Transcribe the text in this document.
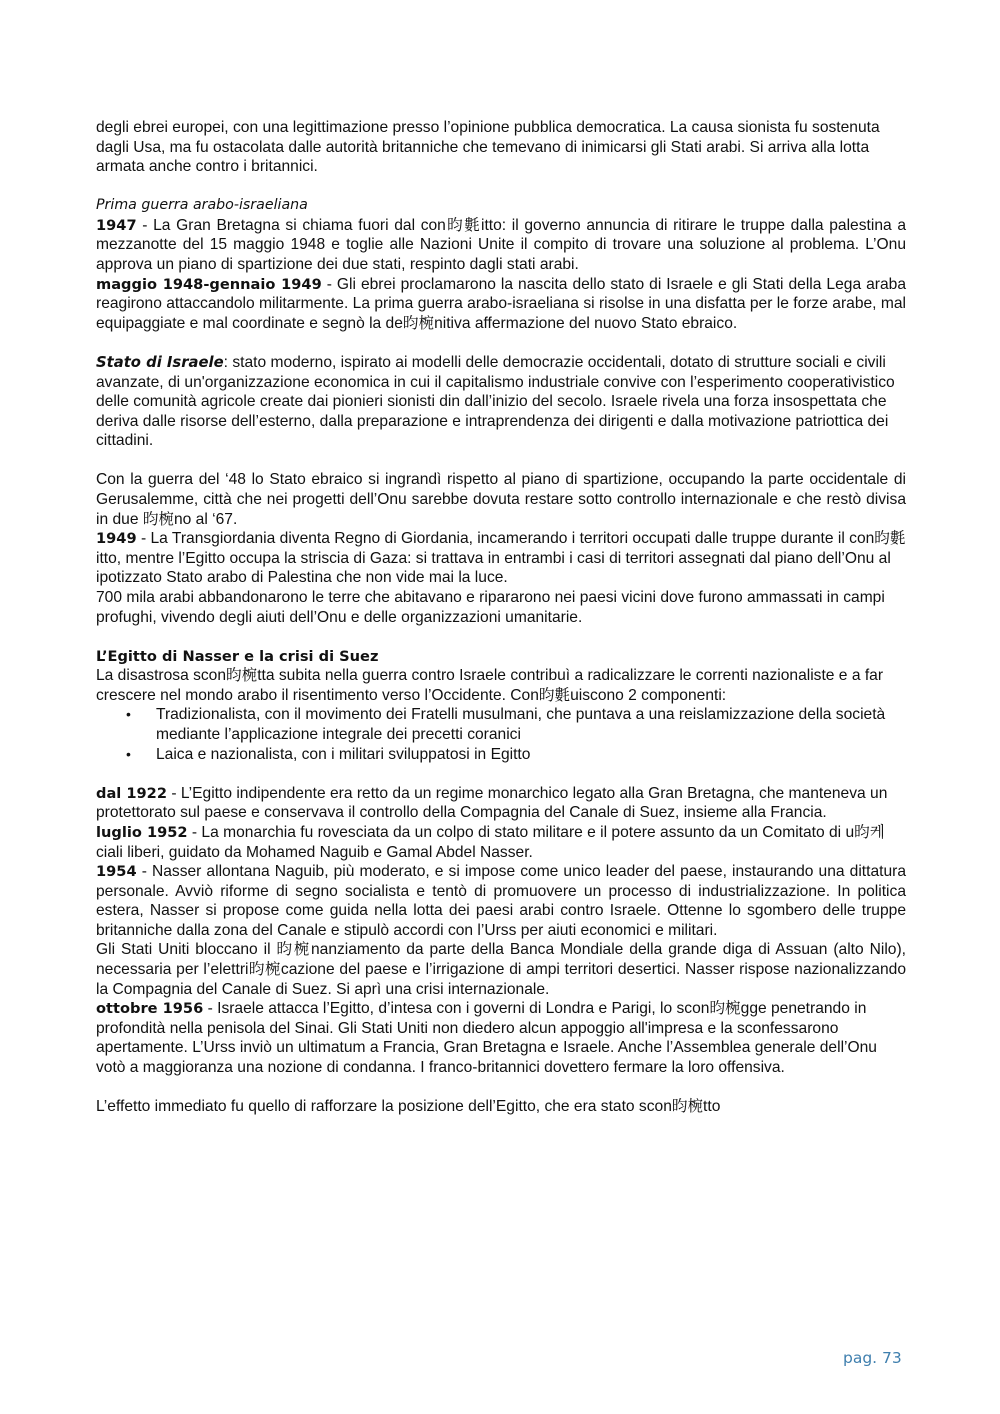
degli ebrei europei, con una legittimazione presso l’opinione pubblica democratica. La causa sionista fu sostenuta dagli Usa, ma fu ostacolata dalle autorità britanniche che temevano di inimicarsi gli Stati arabi. Si arriva alla lotta armata anche contro i britannici.

Prima guerra arabo-israeliana

1947 - La Gran Bretagna si chiama fuori dal con昀氀itto: il governo annuncia di ritirare le truppe dalla palestina a mezzanotte del 15 maggio 1948 e toglie alle Nazioni Unite il compito di trovare una soluzione al problema. L’Onu approva un piano di spartizione dei due stati, respinto dagli stati arabi.

maggio 1948-gennaio 1949 - Gli ebrei proclamarono la nascita dello stato di Israele e gli Stati della Lega araba reagirono attaccandolo militarmente. La prima guerra arabo-israeliana si risolse in una disfatta per le forze arabe, mal equipaggiate e mal coordinate e segnò la de昀椀nitiva affermazione del nuovo Stato ebraico.

Stato di Israele: stato moderno, ispirato ai modelli delle democrazie occidentali, dotato di strutture sociali e civili avanzate, di un'organizzazione economica in cui il capitalismo industriale convive con l’esperimento cooperativistico delle comunità agricole create dai pionieri sionisti din dall’inizio del secolo. Israele rivela una forza insospettata che deriva dalle risorse dell’esterno, dalla preparazione e intraprendenza dei dirigenti e dalla motivazione patriottica dei cittadini.

Con la guerra del ‘48 lo Stato ebraico si ingrandì rispetto al piano di spartizione, occupando la parte occidentale di Gerusalemme, città che nei progetti dell’Onu sarebbe dovuta restare sotto controllo internazionale e che restò divisa in due 昀椀no al ‘67.

1949 - La Transgiordania diventa Regno di Giordania, incamerando i territori occupati dalle truppe durante il con昀氀itto, mentre l’Egitto occupa la striscia di Gaza: si trattava in entrambi i casi di territori assegnati dal piano dell’Onu al ipotizzato Stato arabo di Palestina che non vide mai la luce.

700 mila arabi abbandonarono le terre che abitavano e ripararono nei paesi vicini dove furono ammassati in campi profughi, vivendo degli aiuti dell’Onu e delle organizzazioni umanitarie.

L’Egitto di Nasser e la crisi di Suez

La disastrosa scon昀椀tta subita nella guerra contro Israele contribuì a radicalizzare le correnti nazionaliste e a far crescere nel mondo arabo il risentimento verso l’Occidente. Con昀氀uiscono 2 componenti:

• Tradizionalista, con il movimento dei Fratelli musulmani, che puntava a una reislamizzazione della società mediante l’applicazione integrale dei precetti coranici
• Laica e nazionalista, con i militari sviluppatosi in Egitto

dal 1922 - L’Egitto indipendente era retto da un regime monarchico legato alla Gran Bretagna, che manteneva un protettorato sul paese e conservava il controllo della Compagnia del Canale di Suez, insieme alla Francia.

luglio 1952 - La monarchia fu rovesciata da un colpo di stato militare e il potere assunto da un Comitato di u昀케ciali liberi, guidato da Mohamed Naguib e Gamal Abdel Nasser.

1954 - Nasser allontana Naguib, più moderato, e si impose come unico leader del paese, instaurando una dittatura personale. Avviò riforme di segno socialista e tentò di promuovere un processo di industrializzazione. In politica estera, Nasser si propose come guida nella lotta dei paesi arabi contro Israele. Ottenne lo sgombero delle truppe britanniche dalla zona del Canale e stipulò accordi con l’Urss per aiuti economici e militari.

Gli Stati Uniti bloccano il 昀椀nanziamento da parte della Banca Mondiale della grande diga di Assuan (alto Nilo), necessaria per l’elettri昀椀cazione del paese e l’irrigazione di ampi territori desertici. Nasser rispose nazionalizzando la Compagnia del Canale di Suez. Si aprì una crisi internazionale.

ottobre 1956 - Israele attacca l’Egitto, d’intesa con i governi di Londra e Parigi, lo scon昀椀gge penetrando in profondità nella penisola del Sinai. Gli Stati Uniti non diedero alcun appoggio all'impresa e la sconfessarono apertamente. L’Urss inviò un ultimatum a Francia, Gran Bretagna e Israele. Anche l’Assemblea generale dell’Onu votò a maggioranza una nozione di condanna. I franco-britannici dovettero fermare la loro offensiva.

L’effetto immediato fu quello di rafforzare la posizione dell’Egitto, che era stato scon昀椀tto

pag. 73
